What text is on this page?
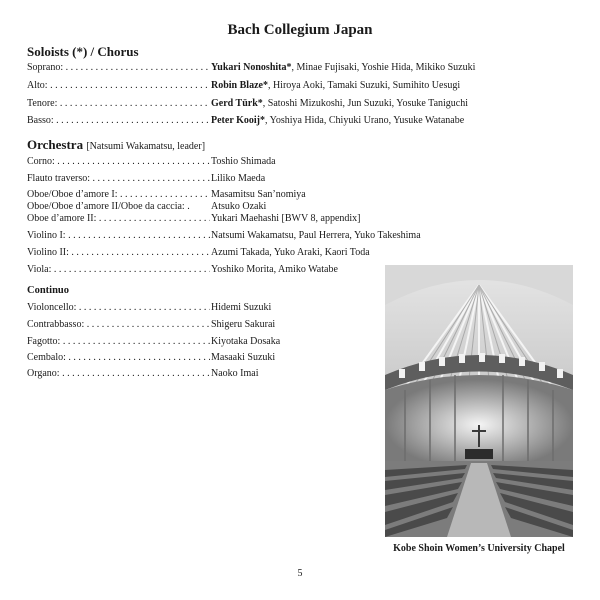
Bach Collegium Japan
Soloists (*) / Chorus
Soprano: . . .	Yukari Nonoshita*, Minae Fujisaki, Yoshie Hida, Mikiko Suzuki
Alto: . . .	Robin Blaze*, Hiroya Aoki, Tamaki Suzuki, Sumihito Uesugi
Tenore: . . .	Gerd Türk*, Satoshi Mizukoshi, Jun Suzuki, Yosuke Taniguchi
Basso: . . .	Peter Kooij*, Yoshiya Hida, Chiyuki Urano, Yusuke Watanabe
Orchestra [Natsumi Wakamatsu, leader]
Corno: . . .	Toshio Shimada
Flauto traverso: . . .	Liliko Maeda
Oboe/Oboe d’amore I: . . .	Masamitsu San’nomiya
Oboe/Oboe d’amore II/Oboe da caccia: .	Atsuko Ozaki
Oboe d’amore II: . . .	Yukari Maehashi [BWV 8, appendix]
Violino I: . . .	Natsumi Wakamatsu, Paul Herrera, Yuko Takeshima
Violino II: . . .	Azumi Takada, Yuko Araki, Kaori Toda
Viola: . . .	Yoshiko Morita, Amiko Watabe
Continuo
Violoncello: . . .	Hidemi Suzuki
Contrabbasso: . . .	Shigeru Sakurai
Fagotto: . . .	Kiyotaka Dosaka
Cembalo: . . .	Masaaki Suzuki
Organo: . . .	Naoko Imai
Kobe Shoin Women’s University Chapel
5
